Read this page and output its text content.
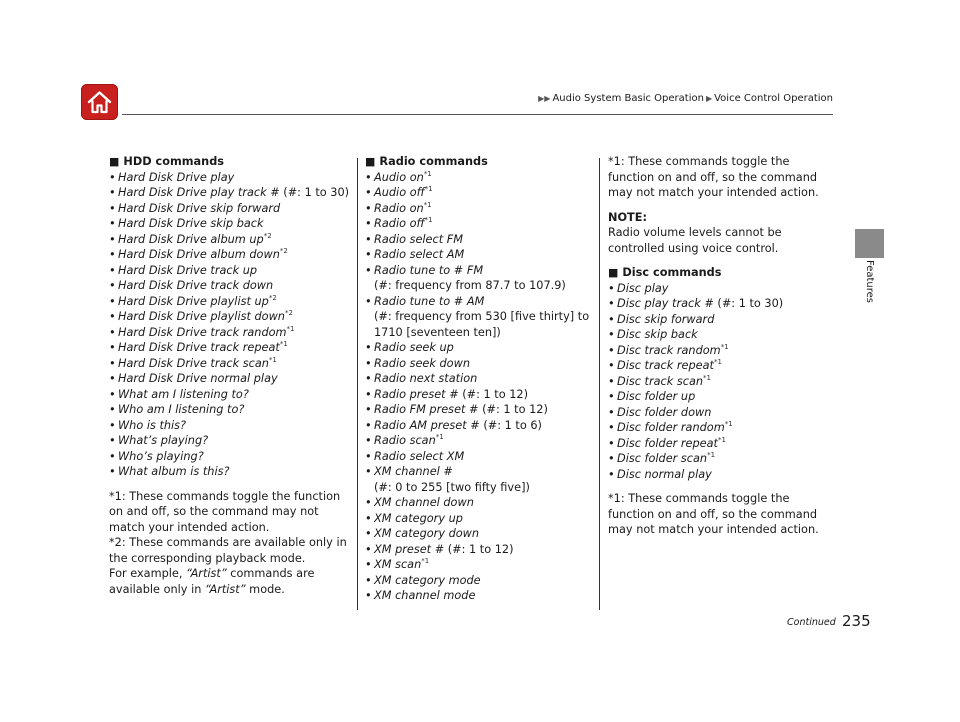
▶▶ Audio System Basic Operation ▶ Voice Control Operation
Features
■ HDD commands
• Hard Disk Drive play
• Hard Disk Drive play track # (#: 1 to 30)
• Hard Disk Drive skip forward
• Hard Disk Drive skip back
• Hard Disk Drive album $up^{*2}$
• Hard Disk Drive album down$^{*2}$
• Hard Disk Drive track up
• Hard Disk Drive track down
• Hard Disk Drive playlist $up^{*2}$
• Hard Disk Drive playlist down$^{*2}$
• Hard Disk Drive track random$^{*1}$
• Hard Disk Drive track repeat$^{*1}$
• Hard Disk Drive track scan$^{*1}$
• Hard Disk Drive normal play
• What am I listening to?
• Who am I listening to?
• Who is this?
• What’s playing?
• Who’s playing?
• What album is this?

*1: These commands toggle the function on and off, so the command may not match your intended action.

*2: These commands are available only in the corresponding playback mode.

For example, “Artist” commands are available only in “Artist” mode.

■ Radio commands
• Audio $on^{*1}$
• Audio off$^{*1}$
• Radio $on^{*1}$
• Radio off$^{*1}$
• Radio select FM
• Radio select AM
• Radio tune to # FM
(#: frequency from 87.7 to 107.9)
• Radio tune to # AM
(#: frequency from 530 [five thirty] to 1710 [seventeen ten])
• Radio seek up
• Radio seek down
• Radio next station
• Radio preset # (#: 1 to 12)
• Radio FM preset # (#: 1 to 12)
• Radio AM preset # (#: 1 to 6)
• Radio scan$^{*1}$
• Radio select XM
• XM channel #
(#: 0 to 255 [two fifty five])
• XM channel down
• XM category up
• XM category down
• XM preset # (#: 1 to 12)
• XM scan$^{*1}$
• XM category mode
• XM channel mode

*1: These commands toggle the function on and off, so the command may not match your intended action.

NOTE:

Radio volume levels cannot be controlled using voice control.

■ Disc commands
• Disc play
• Disc play track # (#: 1 to 30)
• Disc skip forward
• Disc skip back
• Disc track random$^{*1}$
• Disc track repeat$^{*1}$
• Disc track scan$^{*1}$
• Disc folder up
• Disc folder down
• Disc folder random$^{*1}$
• Disc folder repeat$^{*1}$
• Disc folder scan$^{*1}$
• Disc normal play

*1: These commands toggle the function on and off, so the command may not match your intended action.

Continued 235
